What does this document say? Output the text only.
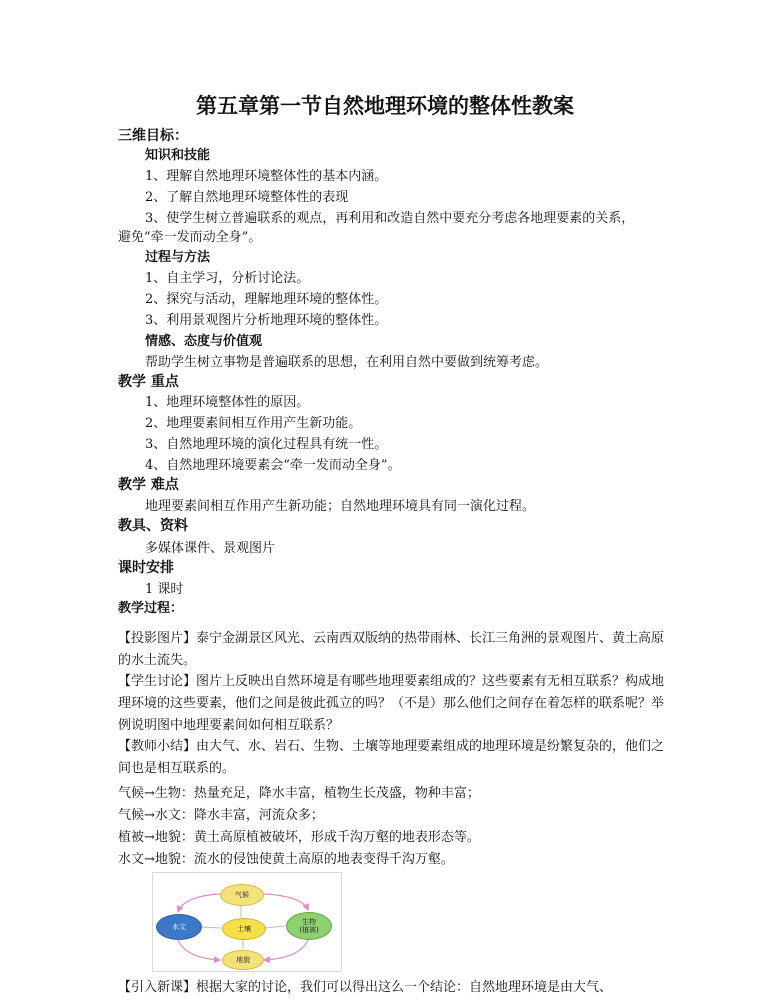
第五章第一节自然地理环境的整体性教案
三维目标：
知识和技能
1、理解自然地理环境整体性的基本内涵。
2、了解自然地理环境整体性的表现
3、使学生树立普遍联系的观点，再利用和改造自然中要充分考虑各地理要素的关系，
避免“牵一发而动全身”。
过程与方法
1、自主学习，分析讨论法。
2、探究与活动，理解地理环境的整体性。
3、利用景观图片分析地理环境的整体性。
情感、态度与价值观
帮助学生树立事物是普遍联系的思想，在利用自然中要做到统筹考虑。
教学 重点
1、地理环境整体性的原因。
2、地理要素间相互作用产生新功能。
3、自然地理环境的演化过程具有统一性。
4、自然地理环境要素会“牵一发而动全身”。
教学 难点
地理要素间相互作用产生新功能；自然地理环境具有同一演化过程。
教具、资料
多媒体课件、景观图片
课时安排
1 课时
教学过程：
【投影图片】泰宁金湖景区风光、云南西双版纳的热带雨林、长江三角洲的景观图片、黄土高原的水土流失。
【学生讨论】图片上反映出自然环境是有哪些地理要素组成的？这些要素有无相互联系？构成地理环境的这些要素，他们之间是彼此孤立的吗？（不是）那么他们之间存在着怎样的联系呢？举例说明图中地理要素间如何相互联系？
【教师小结】由大气、水、岩石、生物、土壤等地理要素组成的地理环境是纷繁复杂的，他们之间也是相互联系的。
气候→生物：热量充足，降水丰富，植物生长茂盛，物种丰富；
气候→水文：降水丰富，河流众多；
植被→地貌：黄土高原植被破坏，形成千沟万壑的地表形态等。
水文→地貌：流水的侵蚀使黄土高原的地表变得千沟万壑。
气候
水文	土壤
生物
(植被)
地貌
【引入新课】根据大家的讨论，我们可以得出这么一个结论：自然地理环境是由大气、
